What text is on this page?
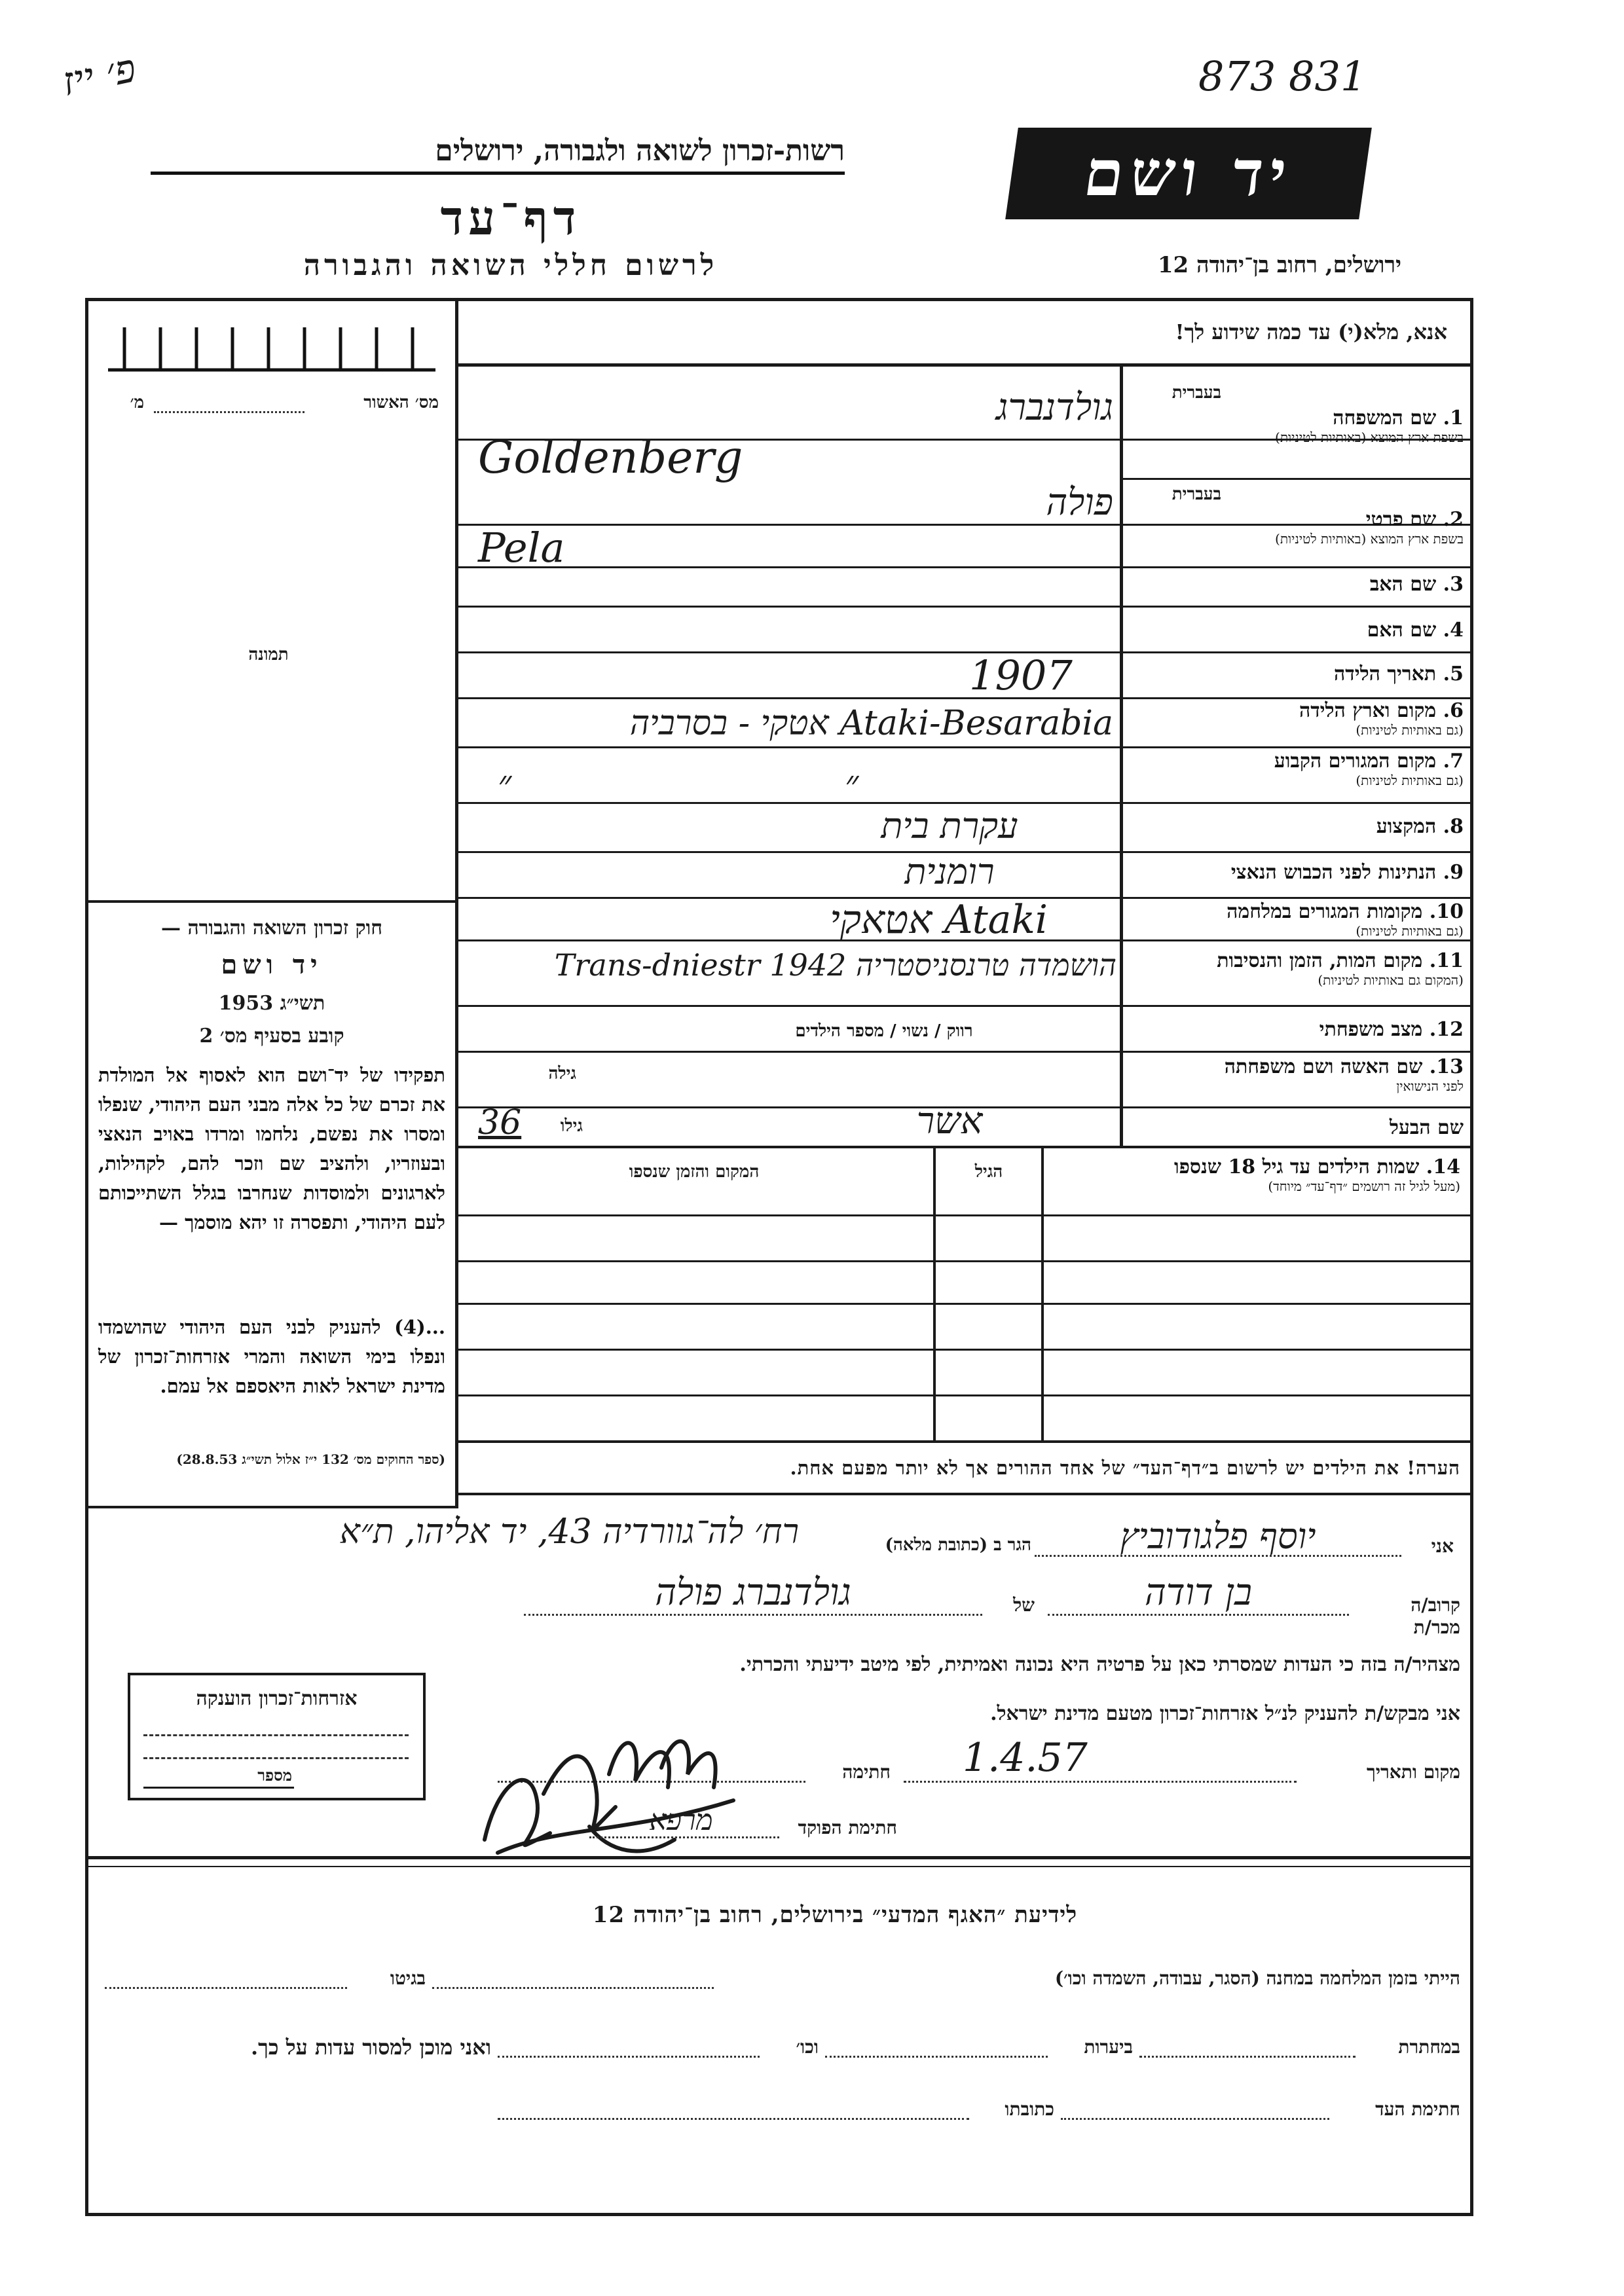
פ׳ ייז	873 831
רשות-זכרון לשואה ולגבורה, ירושלים
דף־עד
לרשום חללי השואה והגבורה
יד ושם
ירושלים, רחוב בן־יהודה 12
אנא, מלא(י) עד כמה שידוע לך!
מס׳ האשור
מ׳
תמונה
חוק זכרון השואה והגבורה —
יד ושם
תשי״ג 1953
קובע בסעיף מס׳ 2
תפקידו של יד־ושם הוא לאסוף אל המולדת את זכרם של כל אלה מבני העם היהודי, שנפלו ומסרו את נפשם, נלחמו ומרדו באויב הנאצי ובעוזריו, ולהציב שם וזכר להם, לקהילות, לארגונים ולמוסדות שנחרבו בגלל השתייכותם לעם היהודי, ותפסרה זו יהא מוסמך —
...(4) להעניק לבני העם היהודי שהושמדו ונפלו בימי השואה והמרי אזרחות־זכרון של מדינת ישראל לאות היאספם אל עמם.
(ספר החוקים מס׳ 132 י״ז אלול תשי״ג 28.8.53)
בעברית
1. שם המשפחה
בשפת ארץ המוצא (באותיות לטיניות)
גולדנברג
Goldenberg
בעברית
2. שם פרטי
בשפת ארץ המוצא (באותיות לטיניות)
פולה
Pela
3. שם האב
4. שם האם
5. תאריך הלידה
1907
6. מקום וארץ הלידה
(גם באותיות לטיניות)
אטקי - בסרביה Ataki-Besarabia
7. מקום המגורים הקבוע
(גם באותיות לטיניות)
״	״
8. המקצוע
עקרת בית
9. הנתינות לפני הכבוש הנאצי
רומנית
10. מקומות המגורים במלחמה
(גם באותיות לטיניות)
אטאקי Ataki
11. מקום המות, הזמן והנסיבות
(המקום גם באותיות לטיניות)
הושמדה טרנסניסטריה 1942 Trans-dniestr
12. מצב משפחתי
רווק / נשוי / מספר הילדים
13. שם האשה ושם משפחתה
לפני הנישואין
גילה
שם הבעל
אשר
גילו
36
14. שמות הילדים עד גיל 18 שנספו
(מעל לגיל זה רושמים ״דף־עד״ מיוחד)
הגיל
המקום והזמן שנספו
הערה! את הילדים יש לרשום ב״דף־העד״ של אחד ההורים אך לא יותר מפעם אחת.
אני
יוסף פלגודוביץ
הגר ב (כתובת מלאה)
רח׳ לה־גוורדיה 43, יד אליהו, ת״א
קרוב/ה מכר/ת
בן דודה
של
גולדנברג פולה
מצהיר/ה בזה כי העדות שמסרתי כאן על פרטיה היא נכונה ואמיתית, לפי מיטב ידיעתי והכרתי.
אני מבקש/ת להעניק לנ״ל אזרחות־זכרון מטעם מדינת ישראל.
מקום ותאריך
1.4.57
חתימה
חתימת הפוקד
מרפא
אזרחות־זכרון הוענקה
מספר
לידיעת ״האגף המדעי״ בירושלים, רחוב בן־יהודה 12
הייתי בזמן המלחמה במחנה (הסגר, עבודה, השמדה וכו׳)
בגיטו
במחתרת
ביערות
וכו׳
ואני מוכן למסור עדות על כך.
חתימת העד
כתובתו
